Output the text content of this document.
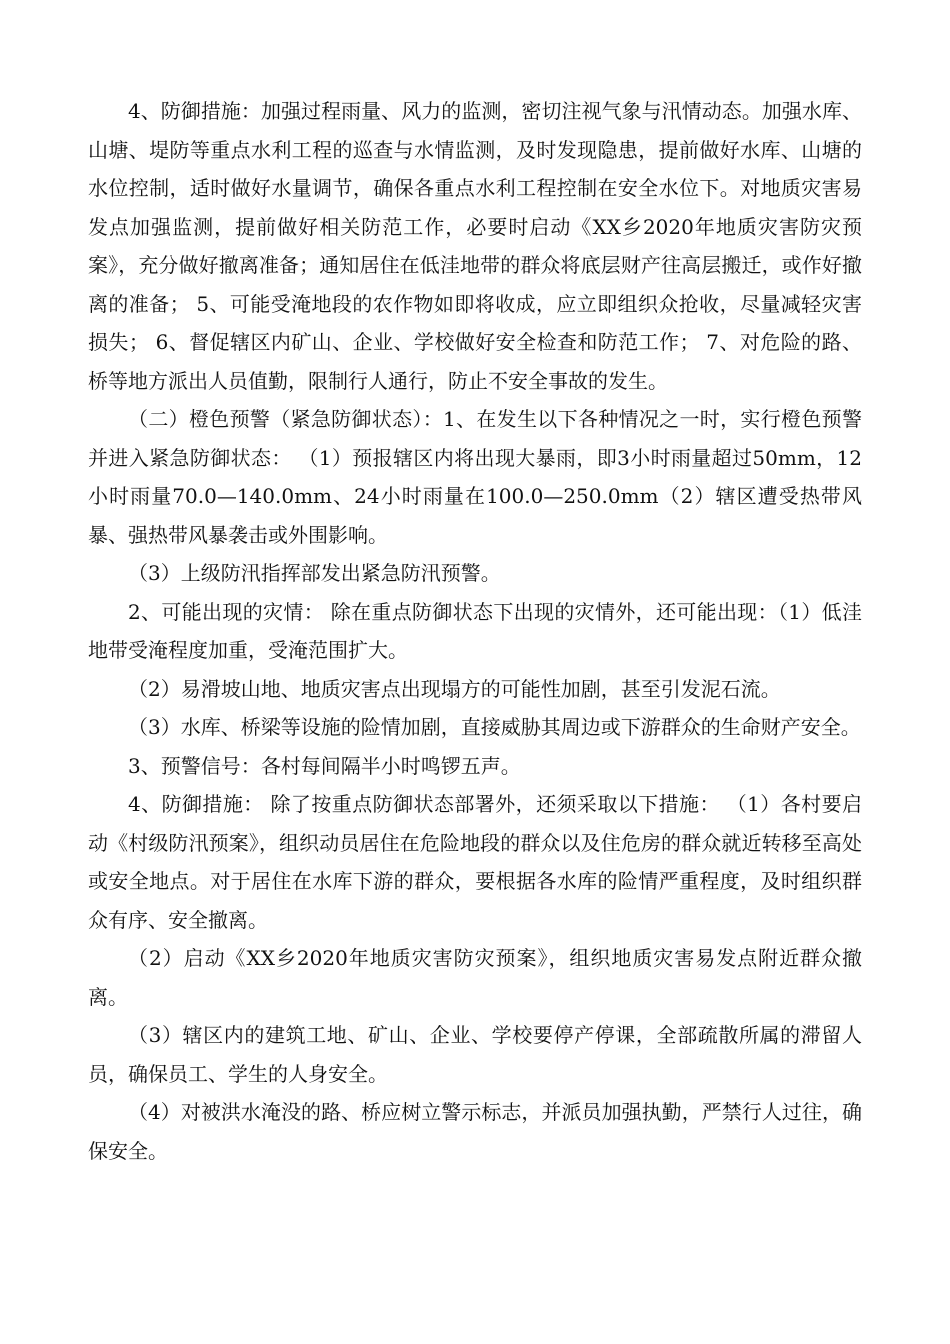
4、防御措施：加强过程雨量、风力的监测，密切注视气象与汛情动态。加强水库、山塘、堤防等重点水利工程的巡查与水情监测，及时发现隐患，提前做好水库、山塘的水位控制，适时做好水量调节，确保各重点水利工程控制在安全水位下。对地质灾害易发点加强监测，提前做好相关防范工作，必要时启动《XX乡2020年地质灾害防灾预案》，充分做好撤离准备；通知居住在低洼地带的群众将底层财产往高层搬迁，或作好撤离的准备； 5、可能受淹地段的农作物如即将收成，应立即组织众抢收，尽量减轻灾害损失； 6、督促辖区内矿山、企业、学校做好安全检查和防范工作； 7、对危险的路、桥等地方派出人员值勤，限制行人通行，防止不安全事故的发生。

（二）橙色预警（紧急防御状态）：1、在发生以下各种情况之一时，实行橙色预警并进入紧急防御状态： （1）预报辖区内将出现大暴雨，即3小时雨量超过50mm，12小时雨量70.0—140.0mm、24小时雨量在100.0—250.0mm（2）辖区遭受热带风暴、强热带风暴袭击或外围影响。

（3）上级防汛指挥部发出紧急防汛预警。

2、可能出现的灾情： 除在重点防御状态下出现的灾情外，还可能出现：（1）低洼地带受淹程度加重，受淹范围扩大。

（2）易滑坡山地、地质灾害点出现塌方的可能性加剧，甚至引发泥石流。

（3）水库、桥梁等设施的险情加剧，直接威胁其周边或下游群众的生命财产安全。

3、预警信号：各村每间隔半小时鸣锣五声。

4、防御措施： 除了按重点防御状态部署外，还须采取以下措施： （1）各村要启动《村级防汛预案》，组织动员居住在危险地段的群众以及住危房的群众就近转移至高处或安全地点。对于居住在水库下游的群众，要根据各水库的险情严重程度，及时组织群众有序、安全撤离。

（2）启动《XX乡2020年地质灾害防灾预案》，组织地质灾害易发点附近群众撤离。

（3）辖区内的建筑工地、矿山、企业、学校要停产停课，全部疏散所属的滞留人员，确保员工、学生的人身安全。

（4）对被洪水淹没的路、桥应树立警示标志，并派员加强执勤，严禁行人过往，确保安全。
